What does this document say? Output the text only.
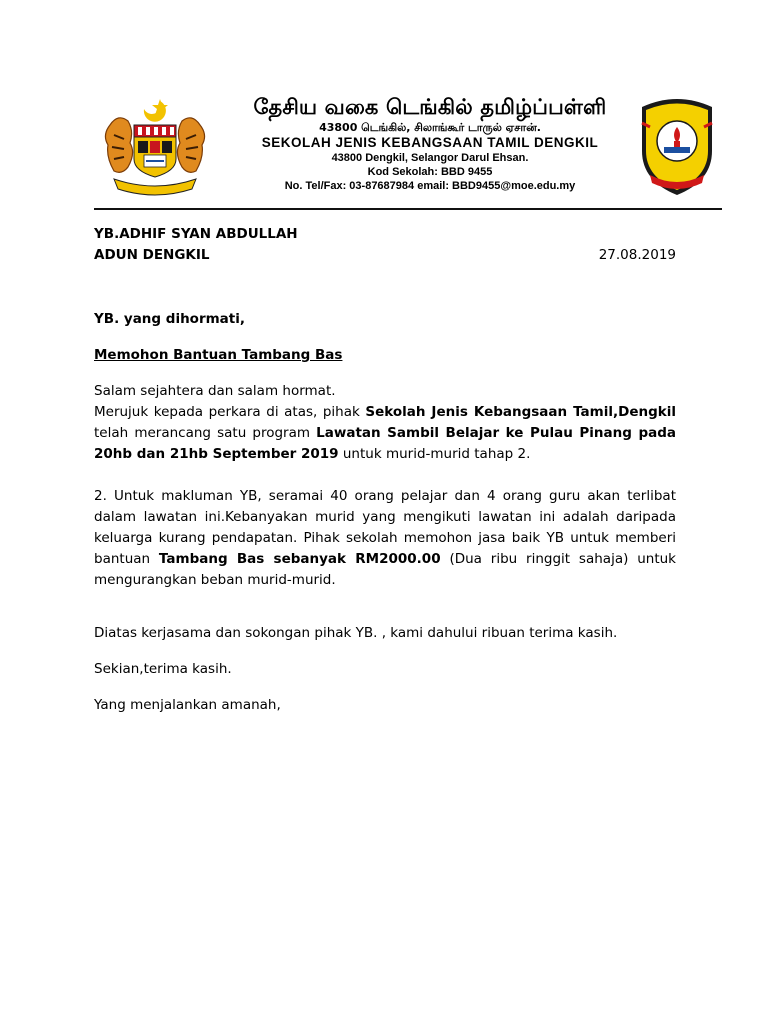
தேசிய வகை டெங்கில் தமிழ்ப்பள்ளி
43800 டெங்கில், சிலாங்கூர் டாருல் ஏசான்.
SEKOLAH JENIS KEBANGSAAN TAMIL DENGKIL
43800 Dengkil, Selangor Darul Ehsan.
Kod Sekolah: BBD 9455
No. Tel/Fax: 03-87687984 email: BBD9455@moe.edu.my
YB.ADHIF SYAN ABDULLAH
ADUN DENGKIL	27.08.2019
YB. yang dihormati,
Memohon Bantuan Tambang Bas
Salam sejahtera dan salam hormat.
Merujuk kepada perkara di atas, pihak Sekolah Jenis Kebangsaan Tamil,Dengkil telah merancang satu program Lawatan Sambil Belajar ke Pulau Pinang pada 20hb dan 21hb September 2019 untuk murid-murid tahap 2.
2. Untuk makluman YB, seramai 40 orang pelajar dan 4 orang guru akan terlibat dalam lawatan ini.Kebanyakan murid yang mengikuti lawatan ini adalah daripada keluarga kurang pendapatan. Pihak sekolah memohon jasa baik YB untuk memberi bantuan Tambang Bas sebanyak RM2000.00 (Dua ribu ringgit sahaja) untuk mengurangkan beban murid-murid.
Diatas kerjasama dan sokongan pihak YB. , kami dahului ribuan terima kasih.
Sekian,terima kasih.
Yang menjalankan amanah,
